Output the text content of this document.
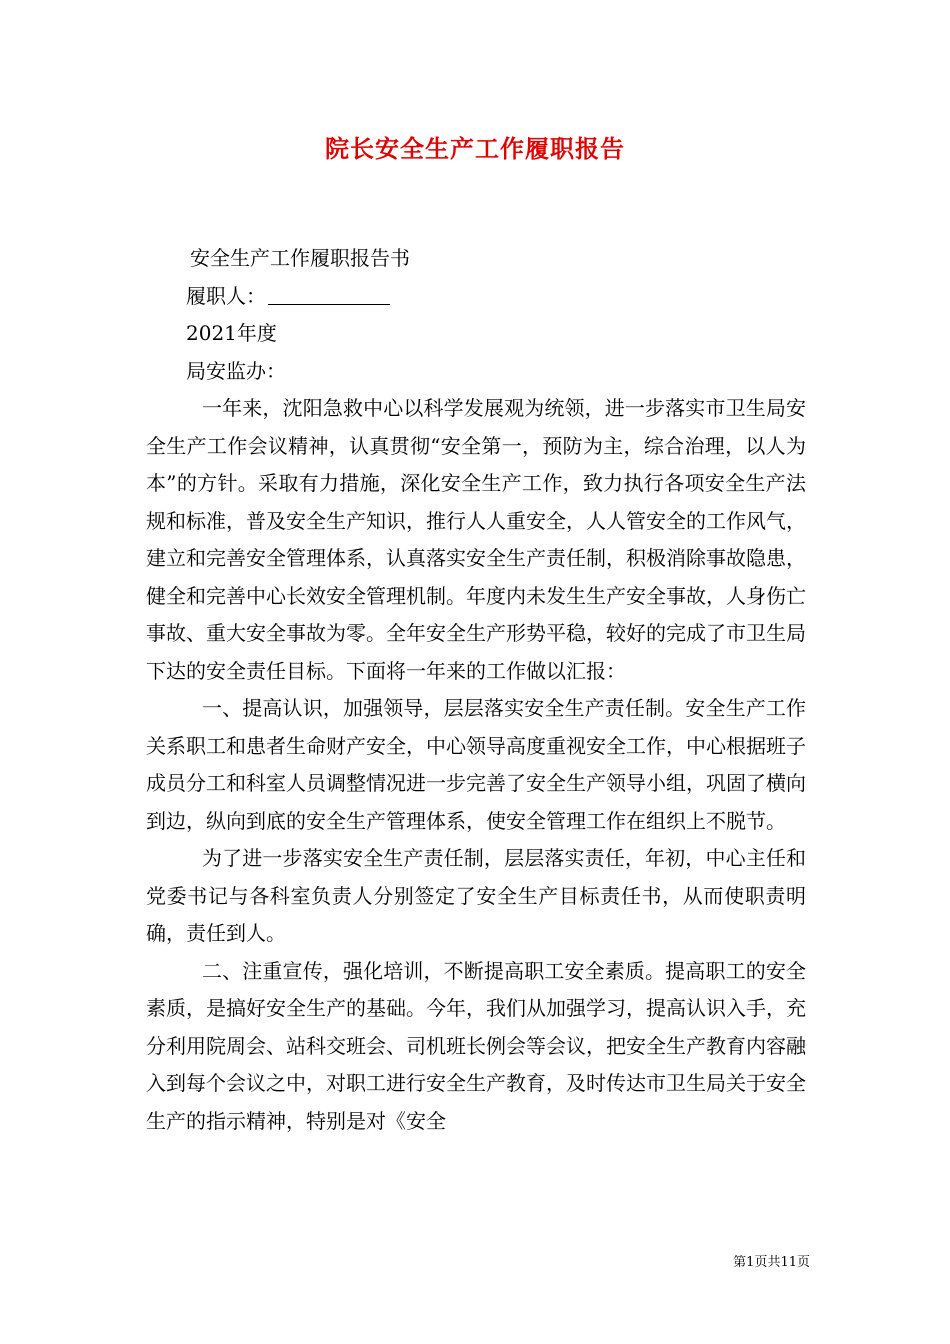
院长安全生产工作履职报告

安全生产工作履职报告书

履职人：

2021年度

局安监办：

一年来，沈阳急救中心以科学发展观为统领，进一步落实市卫生局安全生产工作会议精神，认真贯彻“安全第一，预防为主，综合治理，以人为本”的方针。采取有力措施，深化安全生产工作，致力执行各项安全生产法规和标准，普及安全生产知识，推行人人重安全，人人管安全的工作风气，建立和完善安全管理体系，认真落实安全生产责任制，积极消除事故隐患，健全和完善中心长效安全管理机制。年度内未发生生产安全事故，人身伤亡事故、重大安全事故为零。全年安全生产形势平稳，较好的完成了市卫生局下达的安全责任目标。下面将一年来的工作做以汇报：

一、提高认识，加强领导，层层落实安全生产责任制。安全生产工作关系职工和患者生命财产安全，中心领导高度重视安全工作，中心根据班子成员分工和科室人员调整情况进一步完善了安全生产领导小组，巩固了横向到边，纵向到底的安全生产管理体系，使安全管理工作在组织上不脱节。

为了进一步落实安全生产责任制，层层落实责任，年初，中心主任和党委书记与各科室负责人分别签定了安全生产目标责任书，从而使职责明确，责任到人。

二、注重宣传，强化培训，不断提高职工安全素质。提高职工的安全素质，是搞好安全生产的基础。今年，我们从加强学习，提高认识入手，充分利用院周会、站科交班会、司机班长例会等会议，把安全生产教育内容融入到每个会议之中，对职工进行安全生产教育，及时传达市卫生局关于安全生产的指示精神，特别是对《安全

第1页共11页
